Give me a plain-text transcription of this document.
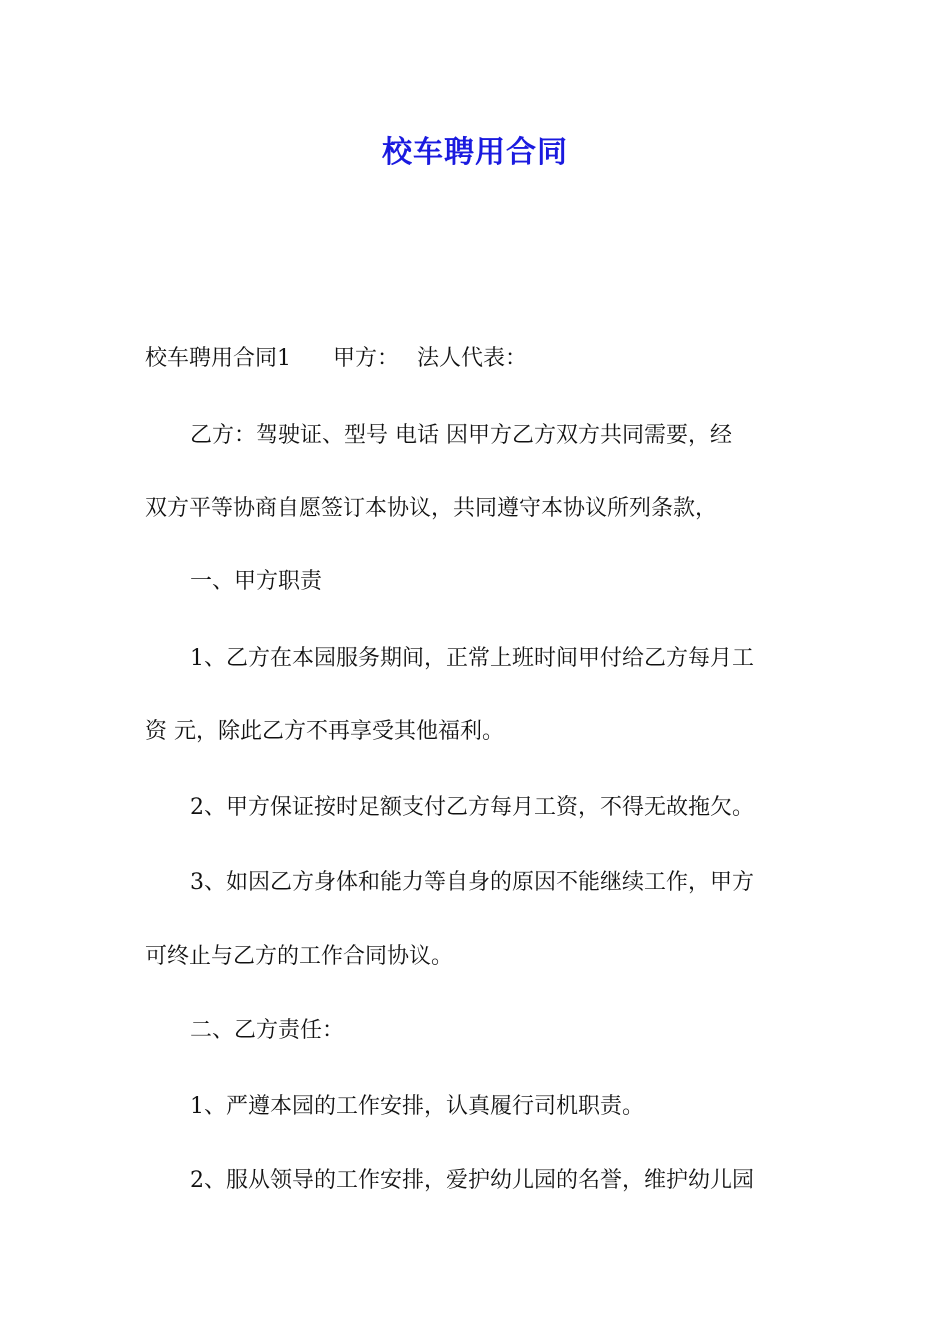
校车聘用合同
校车聘用合同1 甲方： 法人代表：
乙方：驾驶证、型号 电话 因甲方乙方双方共同需要，经
双方平等协商自愿签订本协议，共同遵守本协议所列条款，
一、甲方职责
1、乙方在本园服务期间，正常上班时间甲付给乙方每月工
资 元，除此乙方不再享受其他福利。
2、甲方保证按时足额支付乙方每月工资，不得无故拖欠。
3、如因乙方身体和能力等自身的原因不能继续工作，甲方
可终止与乙方的工作合同协议。
二、乙方责任：
1、严遵本园的工作安排，认真履行司机职责。
2、服从领导的工作安排，爱护幼儿园的名誉，维护幼儿园
